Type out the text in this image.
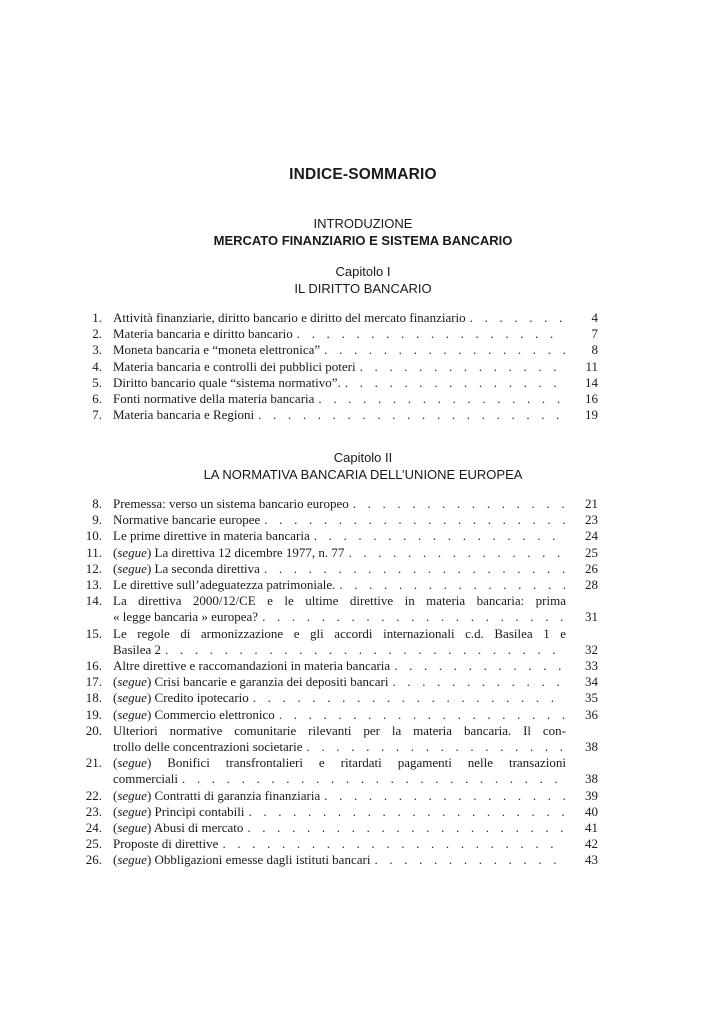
INDICE-SOMMARIO
INTRODUZIONE
MERCATO FINANZIARIO E SISTEMA BANCARIO
Capitolo I
IL DIRITTO BANCARIO
1. Attività finanziarie, diritto bancario e diritto del mercato finanziario . . .	4
2. Materia bancaria e diritto bancario . . .	7
3. Moneta bancaria e “moneta elettronica” . . .	8
4. Materia bancaria e controlli dei pubblici poteri . . .	11
5. Diritto bancario quale “sistema normativo”. . . .	14
6. Fonti normative della materia bancaria . . .	16
7. Materia bancaria e Regioni . . .	19
Capitolo II
LA NORMATIVA BANCARIA DELL’UNIONE EUROPEA
8. Premessa: verso un sistema bancario europeo . . .	21
9. Normative bancarie europee . . .	23
10. Le prime direttive in materia bancaria . . .	24
11. (segue) La direttiva 12 dicembre 1977, n. 77 . . .	25
12. (segue) La seconda direttiva . . .	26
13. Le direttive sull’adeguatezza patrimoniale. . . .	28
14. La direttiva 2000/12/CE e le ultime direttive in materia bancaria: prima
« legge bancaria » europea? . . .	31
15. Le regole di armonizzazione e gli accordi internazionali c.d. Basilea 1 e
Basilea 2 . . .	32
16. Altre direttive e raccomandazioni in materia bancaria . . .	33
17. (segue) Crisi bancarie e garanzia dei depositi bancari . . .	34
18. (segue) Credito ipotecario . . .	35
19. (segue) Commercio elettronico . . .	36
20. Ulteriori normative comunitarie rilevanti per la materia bancaria. Il con-
trollo delle concentrazioni societarie . . .	38
21. (segue) Bonifici transfrontalieri e ritardati pagamenti nelle transazioni
commerciali . . .	38
22. (segue) Contratti di garanzia finanziaria . . .	39
23. (segue) Principi contabili . . .	40
24. (segue) Abusi di mercato . . .	41
25. Proposte di direttive . . .	42
26. (segue) Obbligazioni emesse dagli istituti bancari . . .	43
